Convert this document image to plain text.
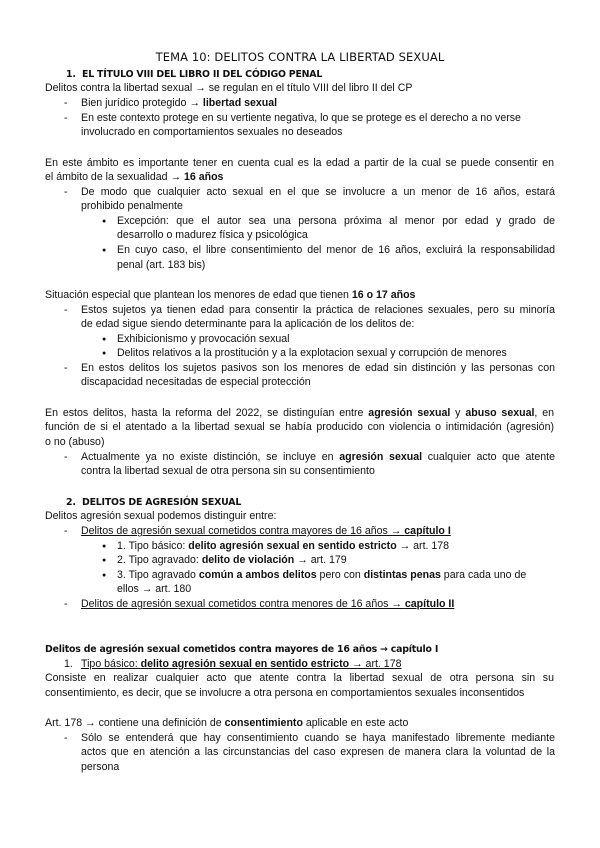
TEMA 10: DELITOS CONTRA LA LIBERTAD SEXUAL
1. EL TÍTULO VIII DEL LIBRO II DEL CÓDIGO PENAL
Delitos contra la libertad sexual → se regulan en el título VIII del libro II del CP
- Bien jurídico protegido → libertad sexual
- En este contexto protege en su vertiente negativa, lo que se protege es el derecho a no verse
involucrado en comportamientos sexuales no deseados
En este ámbito es importante tener en cuenta cual es la edad a partir de la cual se puede consentir en
el ámbito de la sexualidad → 16 años
- De modo que cualquier acto sexual en el que se involucre a un menor de 16 años, estará
prohibido penalmente
● Excepción: que el autor sea una persona próxima al menor por edad y grado de
desarrollo o madurez física y psicológica
● En cuyo caso, el libre consentimiento del menor de 16 años, excluirá la responsabilidad
penal (art. 183 bis)
Situación especial que plantean los menores de edad que tienen 16 o 17 años
- Estos sujetos ya tienen edad para consentir la práctica de relaciones sexuales, pero su minoría
de edad sigue siendo determinante para la aplicación de los delitos de:
● Exhibicionismo y provocación sexual
● Delitos relativos a la prostitución y a la explotacion sexual y corrupción de menores
- En estos delitos los sujetos pasivos son los menores de edad sin distinción y las personas con
discapacidad necesitadas de especial protección
En estos delitos, hasta la reforma del 2022, se distinguían entre agresión sexual y abuso sexual, en
función de si el atentado a la libertad sexual se había producido con violencia o intimidación (agresión)
o no (abuso)
- Actualmente ya no existe distinción, se incluye en agresión sexual cualquier acto que atente
contra la libertad sexual de otra persona sin su consentimiento
2. DELITOS DE AGRESIÓN SEXUAL
Delitos agresión sexual podemos distinguir entre:
- Delitos de agresión sexual cometidos contra mayores de 16 años → capítulo I
● 1. Tipo básico: delito agresión sexual en sentido estricto → art. 178
● 2. Tipo agravado: delito de violación → art. 179
● 3. Tipo agravado común a ambos delitos pero con distintas penas para cada uno de
ellos → art. 180
- Delitos de agresión sexual cometidos contra menores de 16 años → capítulo II
Delitos de agresión sexual cometidos contra mayores de 16 años → capítulo I
1. Tipo básico: delito agresión sexual en sentido estricto → art. 178
Consiste en realizar cualquier acto que atente contra la libertad sexual de otra persona sin su
consentimiento, es decir, que se involucre a otra persona en comportamientos sexuales inconsentidos
Art. 178 → contiene una definición de consentimiento aplicable en este acto
- Sólo se entenderá que hay consentimiento cuando se haya manifestado libremente mediante
actos que en atención a las circunstancias del caso expresen de manera clara la voluntad de la
persona
